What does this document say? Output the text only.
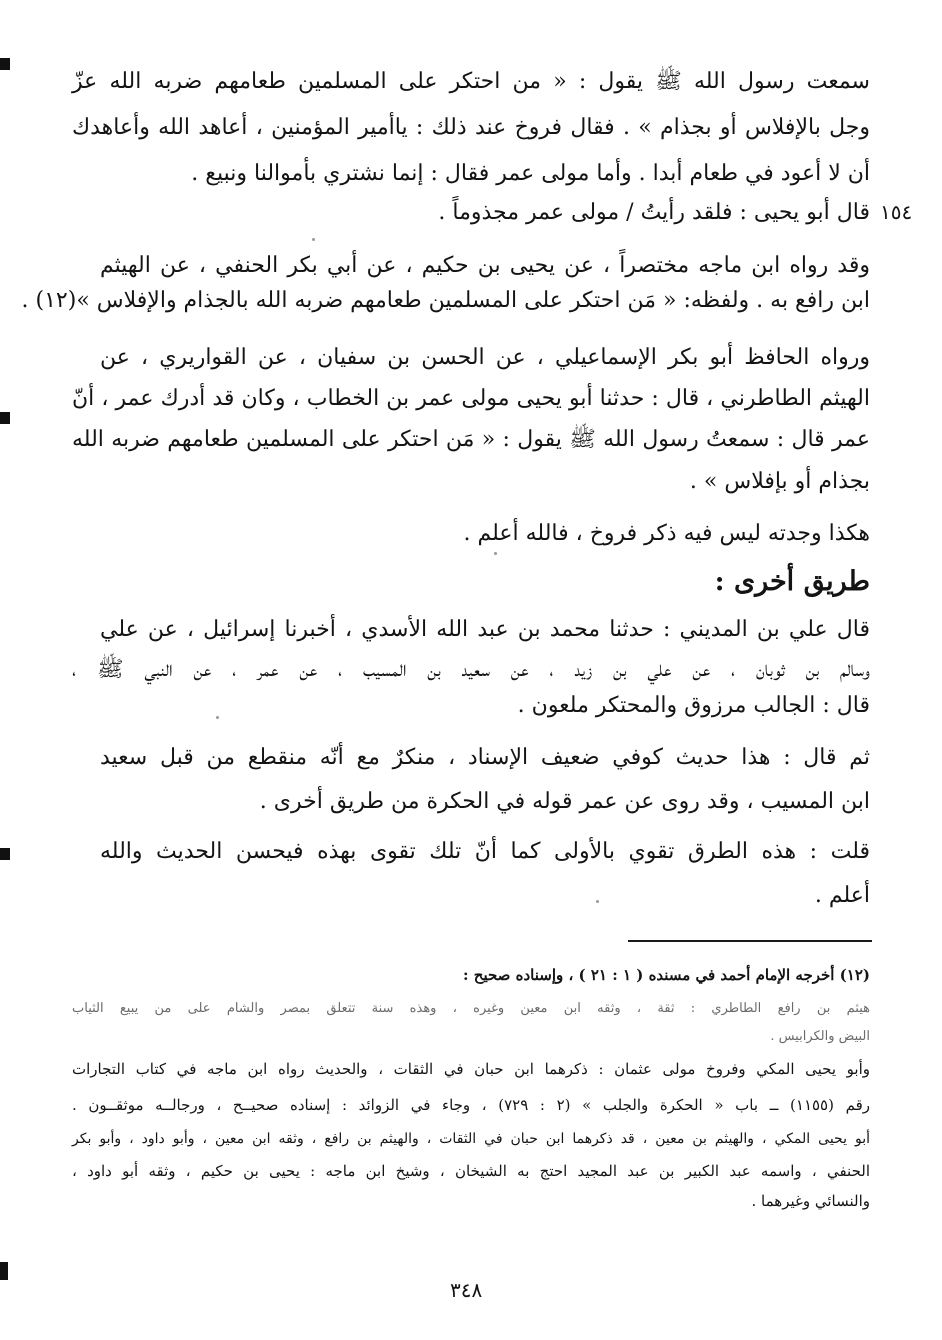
١٥٤
سمعت رسول الله ﷺ يقول : « من احتكر على المسلمين طعامهم ضربه الله عزّ
وجل بالإفلاس أو بجذام » . فقال فروخ عند ذلك : ياأمير المؤمنين ، أعاهد الله وأعاهدك
أن لا أعود في طعام أبدا . وأما مولى عمر فقال : إنما نشتري بأموالنا ونبيع .
قال أبو يحيى : فلقد رأيتُ / مولى عمر مجذوماً .
وقد رواه ابن ماجه مختصراً ، عن يحيى بن حكيم ، عن أبي بكر الحنفي ، عن الهيثم
ابن رافع به . ولفظه: « مَن احتكر على المسلمين طعامهم ضربه الله بالجذام والإفلاس »(١٢) .
ورواه الحافظ أبو بكر الإسماعيلي ، عن الحسن بن سفيان ، عن القواريري ، عن
الهيثم الطاطرني ، قال : حدثنا أبو يحيى مولى عمر بن الخطاب ، وكان قد أدرك عمر ، أنّ
عمر قال : سمعتُ رسول الله ﷺ يقول : « مَن احتكر على المسلمين طعامهم ضربه الله
بجذام أو بإفلاس » .
هكذا وجدته ليس فيه ذكر فروخ ، فالله أعلم .
طريق أخرى :
قال علي بن المديني : حدثنا محمد بن عبد الله الأسدي ، أخبرنا إسرائيل ، عن علي
وسالم بن ثوبان ، عن علي بن زيد ، عن سعيد بن المسيب ، عن عمر ، عن النبي ﷺ ،
قال : الجالب مرزوق والمحتكر ملعون .
ثم قال : هذا حديث كوفي ضعيف الإسناد ، منكرٌ مع أنّه منقطع من قبل سعيد
ابن المسيب ، وقد روى عن عمر قوله في الحكرة من طريق أخرى .
قلت : هذه الطرق تقوي بالأولى كما أنّ تلك تقوى بهذه فيحسن الحديث والله
أعلم .
(١٢) أخرجه الإمام أحمد في مسنده ( ١ : ٢١ ) ، وإسناده صحيح :
هيثم بن رافع الطاطري : ثقة ، وثقه ابن معين وغيره ، وهذه سنة تتعلق بمصر والشام على من يبيع الثياب
البيض والكرابيس .
وأبو يحيى المكي وفروخ مولى عثمان : ذكرهما ابن حبان في الثقات ، والحديث رواه ابن ماجه في كتاب التجارات
رقم (١١٥٥) ــ باب « الحكرة والجلب » (٢ : ٧٢٩) ، وجاء في الزوائد : إسناده صحيــح ، ورجالــه موثقــون .
أبو يحيى المكي ، والهيثم بن معين ، قد ذكرهما ابن حبان في الثقات ، والهيثم بن رافع ، وثقه ابن معين ، وأبو داود ، وأبو بكر
الحنفي ، واسمه عبد الكبير بن عبد المجيد احتج به الشيخان ، وشيخ ابن ماجه : يحيى بن حكيم ، وثقه أبو داود ،
والنسائي وغيرهما .
٣٤٨
